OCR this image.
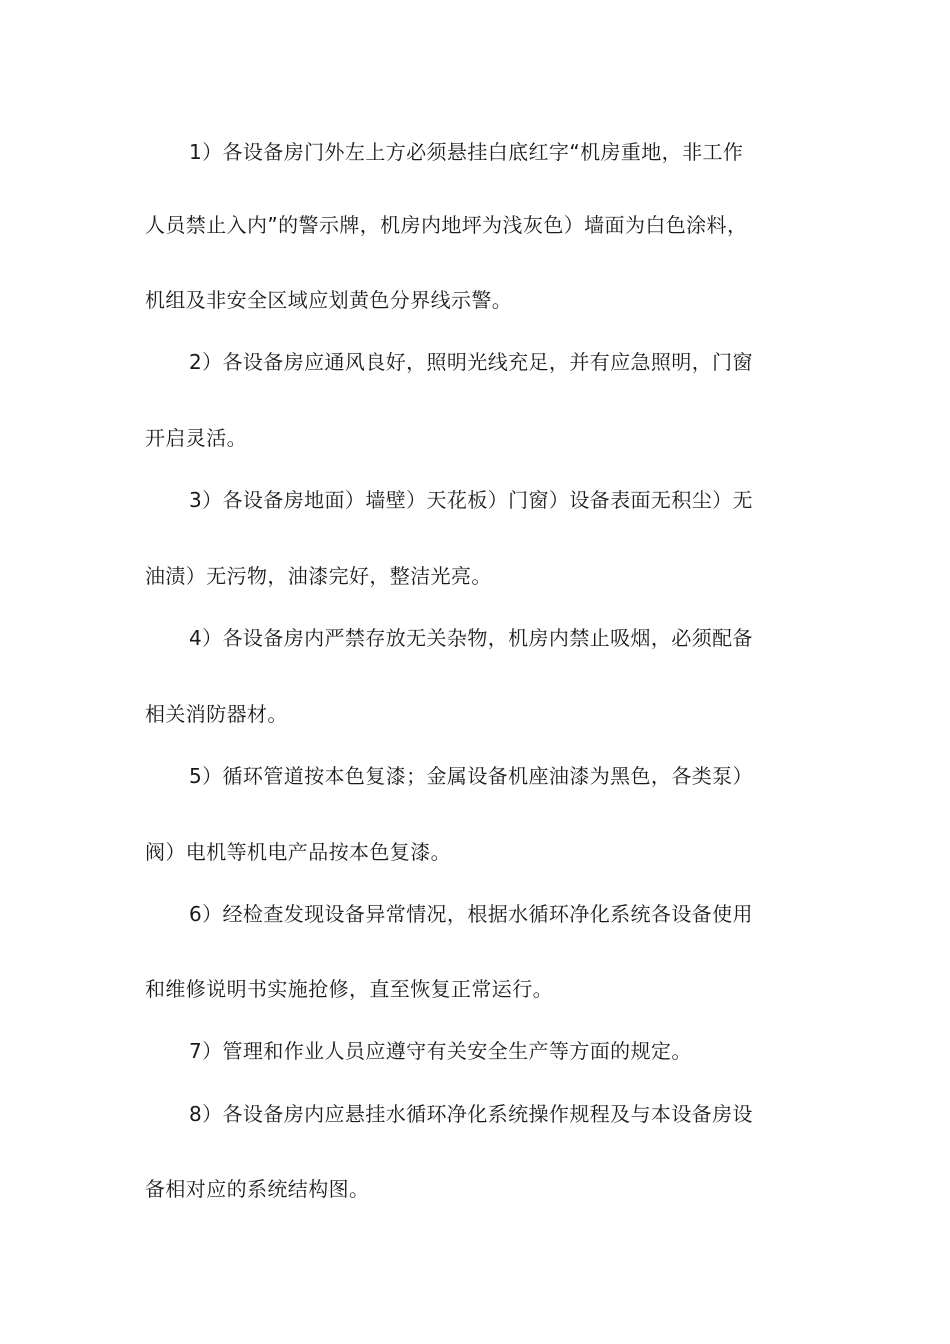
1）各设备房门外左上方必须悬挂白底红字“机房重地，非工作
人员禁止入内”的警示牌，机房内地坪为浅灰色）墙面为白色涂料，
机组及非安全区域应划黄色分界线示警。
2）各设备房应通风良好，照明光线充足，并有应急照明，门窗
开启灵活。
3）各设备房地面）墙壁）天花板）门窗）设备表面无积尘）无
油渍）无污物，油漆完好，整洁光亮。
4）各设备房内严禁存放无关杂物，机房内禁止吸烟，必须配备
相关消防器材。
5）循环管道按本色复漆；金属设备机座油漆为黑色，各类泵）
阀）电机等机电产品按本色复漆。
6）经检查发现设备异常情况，根据水循环净化系统各设备使用
和维修说明书实施抢修，直至恢复正常运行。
7）管理和作业人员应遵守有关安全生产等方面的规定。
8）各设备房内应悬挂水循环净化系统操作规程及与本设备房设
备相对应的系统结构图。
